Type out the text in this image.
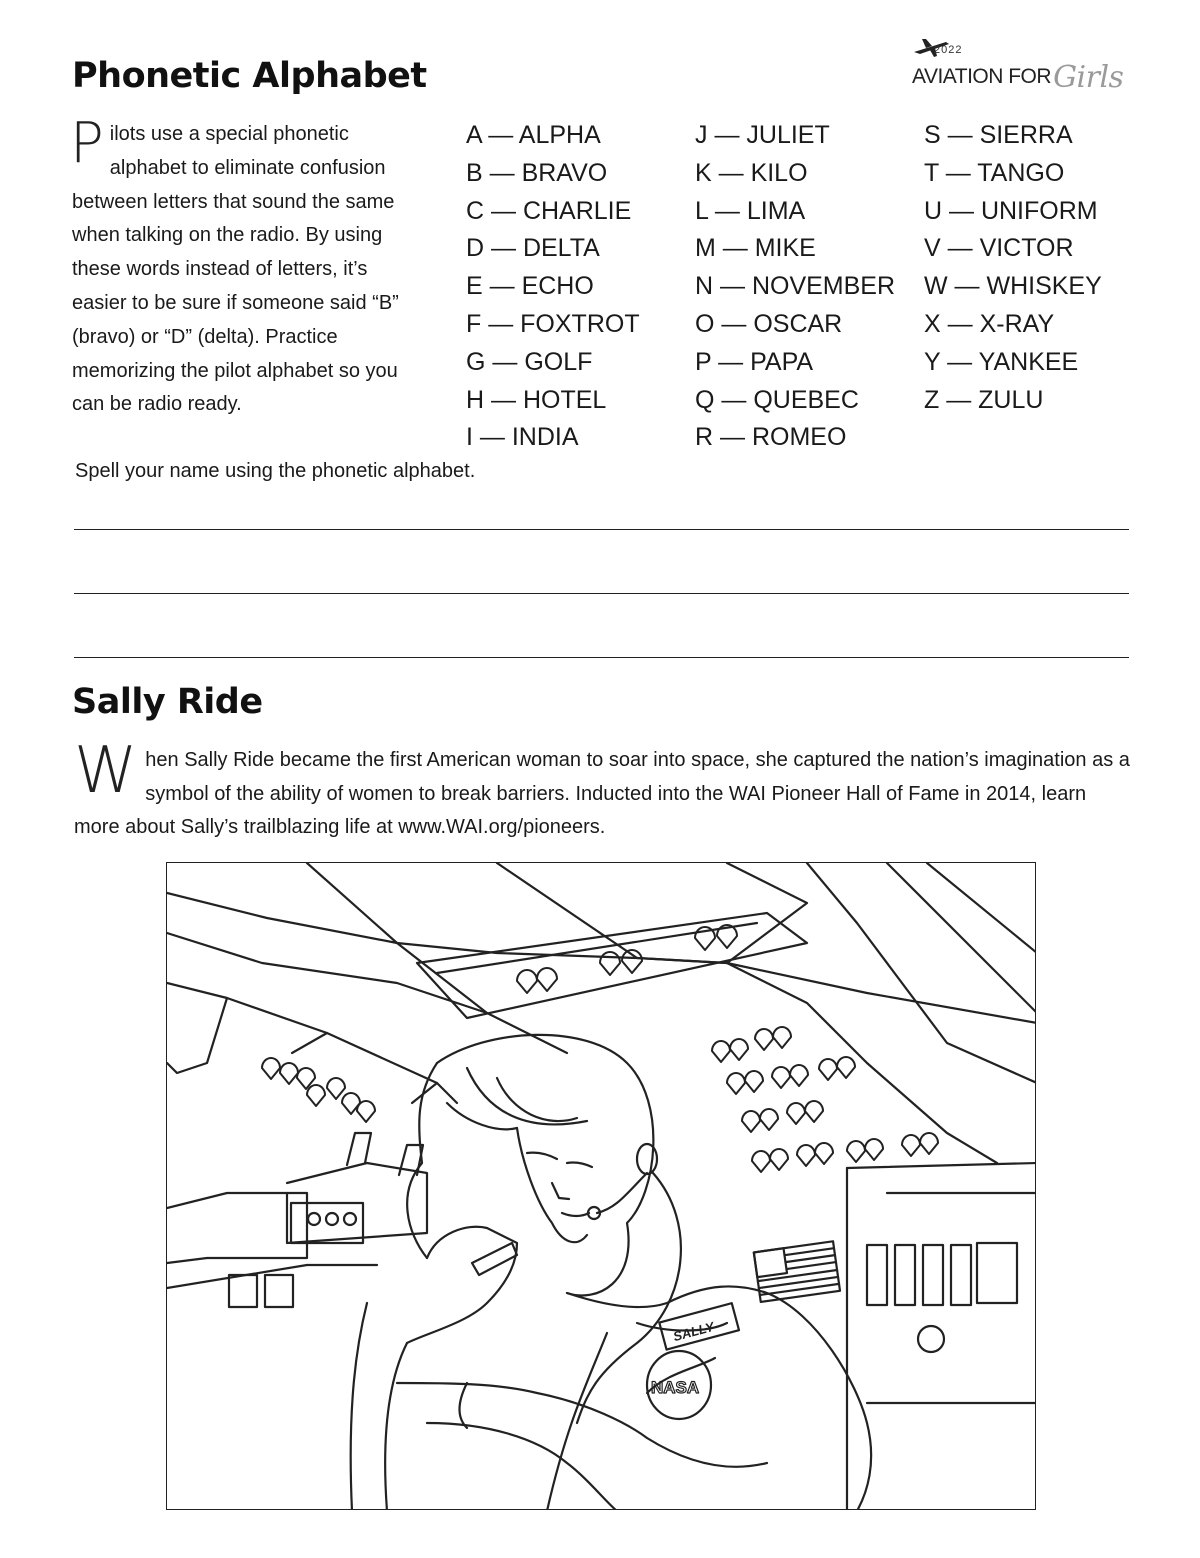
Phonetic Alphabet
2022
AVIATION FORGirls
Pilots use a special phonetic alphabet to eliminate confusion between letters that sound the same when talking on the radio. By using these words instead of letters, it’s easier to be sure if someone said “B” (bravo) or “D” (delta). Practice memorizing the pilot alphabet so you can be radio ready.
A — ALPHA
B — BRAVO
C — CHARLIE
D — DELTA
E — ECHO
F — FOXTROT
G — GOLF
H — HOTEL
I — INDIA
J — JULIET
K — KILO
L — LIMA
M — MIKE
N — NOVEMBER
O — OSCAR
P — PAPA
Q — QUEBEC
R — ROMEO
S — SIERRA
T — TANGO
U — UNIFORM
V — VICTOR
W — WHISKEY
X — X-RAY
Y — YANKEE
Z — ZULU
Spell your name using the phonetic alphabet.
Sally Ride
When Sally Ride became the first American woman to soar into space, she captured the nation’s imagination as a symbol of the ability of women to break barriers. Inducted into the WAI Pioneer Hall of Fame in 2014, learn more about Sally’s trailblazing life at www.WAI.org/pioneers.
SALLY
NASA
